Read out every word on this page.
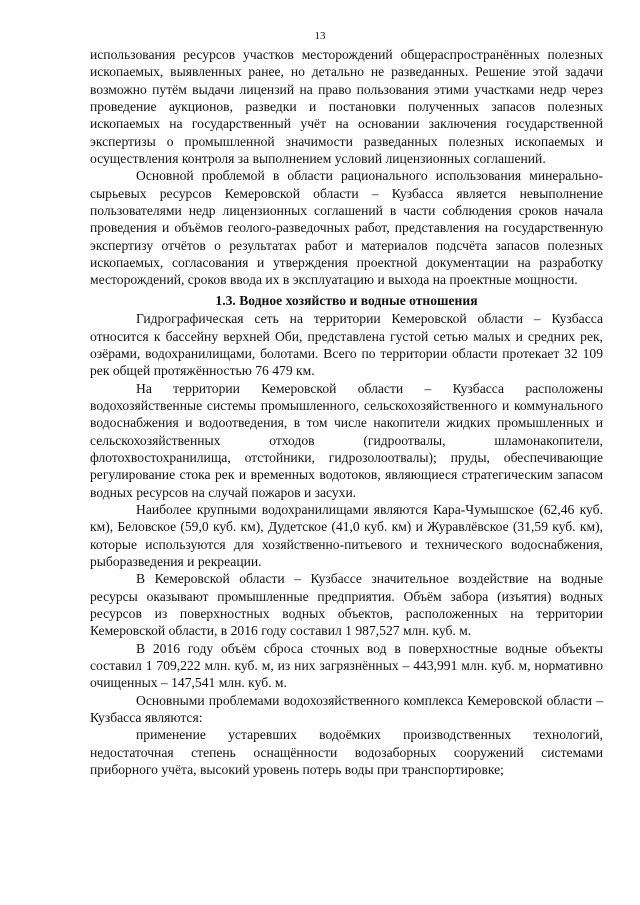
13

использования ресурсов участков месторождений общераспространённых полезных ископаемых, выявленных ранее, но детально не разведанных. Решение этой задачи возможно путём выдачи лицензий на право пользования этими участками недр через проведение аукционов, разведки и постановки полученных запасов полезных ископаемых на государственный учёт на основании заключения государственной экспертизы о промышленной значимости разведанных полезных ископаемых и осуществления контроля за выполнением условий лицензионных соглашений.

Основной проблемой в области рационального использования минерально-сырьевых ресурсов Кемеровской области – Кузбасса является невыполнение пользователями недр лицензионных соглашений в части соблюдения сроков начала проведения и объёмов геолого-разведочных работ, представления на государственную экспертизу отчётов о результатах работ и материалов подсчёта запасов полезных ископаемых, согласования и утверждения проектной документации на разработку месторождений, сроков ввода их в эксплуатацию и выхода на проектные мощности.

1.3. Водное хозяйство и водные отношения

Гидрографическая сеть на территории Кемеровской области – Кузбасса относится к бассейну верхней Оби, представлена густой сетью малых и средних рек, озёрами, водохранилищами, болотами. Всего по территории области протекает 32 109 рек общей протяжённостью 76 479 км.

На территории Кемеровской области – Кузбасса расположены водохозяйственные системы промышленного, сельскохозяйственного и коммунального водоснабжения и водоотведения, в том числе накопители жидких промышленных и сельскохозяйственных отходов (гидроотвалы, шламонакопители, флотохвостохранилища, отстойники, гидрозолоотвалы); пруды, обеспечивающие регулирование стока рек и временных водотоков, являющиеся стратегическим запасом водных ресурсов на случай пожаров и засухи.

Наиболее крупными водохранилищами являются Кара-Чумышское (62,46 куб. км), Беловское (59,0 куб. км), Дудетское (41,0 куб. км) и Журавлёвское (31,59 куб. км), которые используются для хозяйственно-питьевого и технического водоснабжения, рыборазведения и рекреации.

В Кемеровской области – Кузбассе значительное воздействие на водные ресурсы оказывают промышленные предприятия. Объём забора (изъятия) водных ресурсов из поверхностных водных объектов, расположенных на территории Кемеровской области, в 2016 году составил 1 987,527 млн. куб. м.

В 2016 году объём сброса сточных вод в поверхностные водные объекты составил 1 709,222 млн. куб. м, из них загрязнённых – 443,991 млн. куб. м, нормативно очищенных – 147,541 млн. куб. м.

Основными проблемами водохозяйственного комплекса Кемеровской области – Кузбасса являются:

применение устаревших водоёмких производственных технологий, недостаточная степень оснащённости водозаборных сооружений системами приборного учёта, высокий уровень потерь воды при транспортировке;
